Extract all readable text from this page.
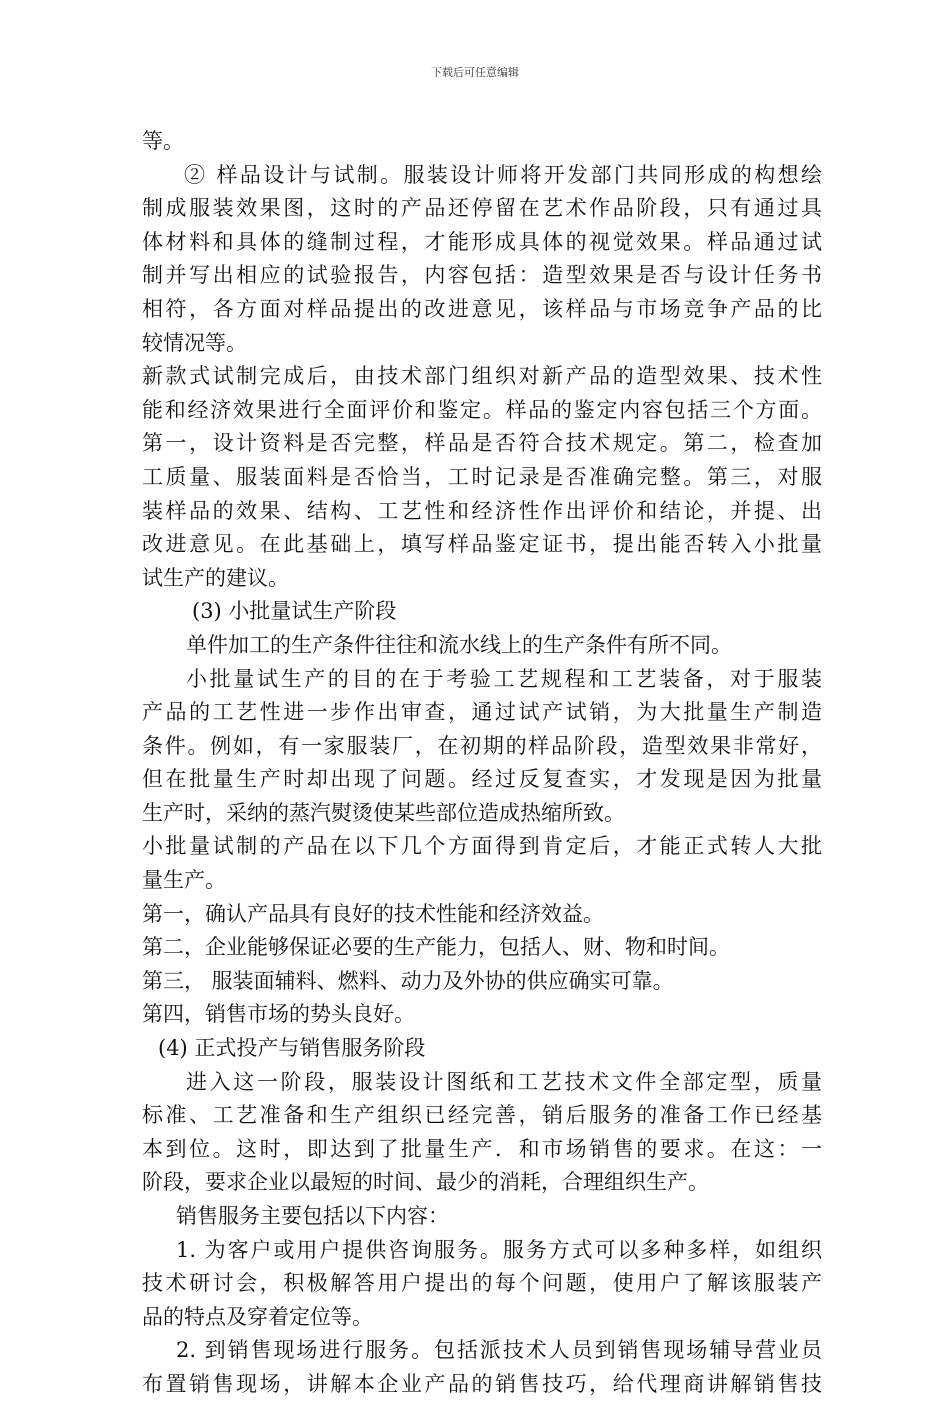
下载后可任意编辑
等。
② 样品设计与试制。服装设计师将开发部门共同形成的构想绘
制成服装效果图，这时的产品还停留在艺术作品阶段，只有通过具
体材料和具体的缝制过程，才能形成具体的视觉效果。样品通过试
制并写出相应的试验报告，内容包括：造型效果是否与设计任务书
相符，各方面对样品提出的改进意见，该样品与市场竞争产品的比
较情况等。
新款式试制完成后，由技术部门组织对新产品的造型效果、技术性
能和经济效果进行全面评价和鉴定。样品的鉴定内容包括三个方面。
第一，设计资料是否完整，样品是否符合技术规定。第二，检查加
工质量、服装面料是否恰当，工时记录是否准确完整。第三，对服
装样品的效果、结构、工艺性和经济性作出评价和结论，并提、出
改进意见。在此基础上，填写样品鉴定证书，提出能否转入小批量
试生产的建议。
(3) 小批量试生产阶段
单件加工的生产条件往往和流水线上的生产条件有所不同。
小批量试生产的目的在于考验工艺规程和工艺装备，对于服装
产品的工艺性进一步作出审查，通过试产试销，为大批量生产制造
条件。例如，有一家服装厂，在初期的样品阶段，造型效果非常好，
但在批量生产时却出现了问题。经过反复查实，才发现是因为批量
生产时，采纳的蒸汽熨烫使某些部位造成热缩所致。
小批量试制的产品在以下几个方面得到肯定后，才能正式转人大批
量生产。
第一，确认产品具有良好的技术性能和经济效益。
第二，企业能够保证必要的生产能力，包括人、财、物和时间。
第三， 服装面辅料、燃料、动力及外协的供应确实可靠。
第四，销售市场的势头良好。
(4) 正式投产与销售服务阶段
进入这一阶段，服装设计图纸和工艺技术文件全部定型，质量
标准、工艺准备和生产组织已经完善，销后服务的准备工作已经基
本到位。这时，即达到了批量生产．和市场销售的要求。在这：一
阶段，要求企业以最短的时间、最少的消耗，合理组织生产。
销售服务主要包括以下内容：
1. 为客户或用户提供咨询服务。服务方式可以多种多样，如组织
技术研讨会，积极解答用户提出的每个问题，使用户了解该服装产
品的特点及穿着定位等。
2. 到销售现场进行服务。包括派技术人员到销售现场辅导营业员
布置销售现场，讲解本企业产品的销售技巧，给代理商讲解销售技
